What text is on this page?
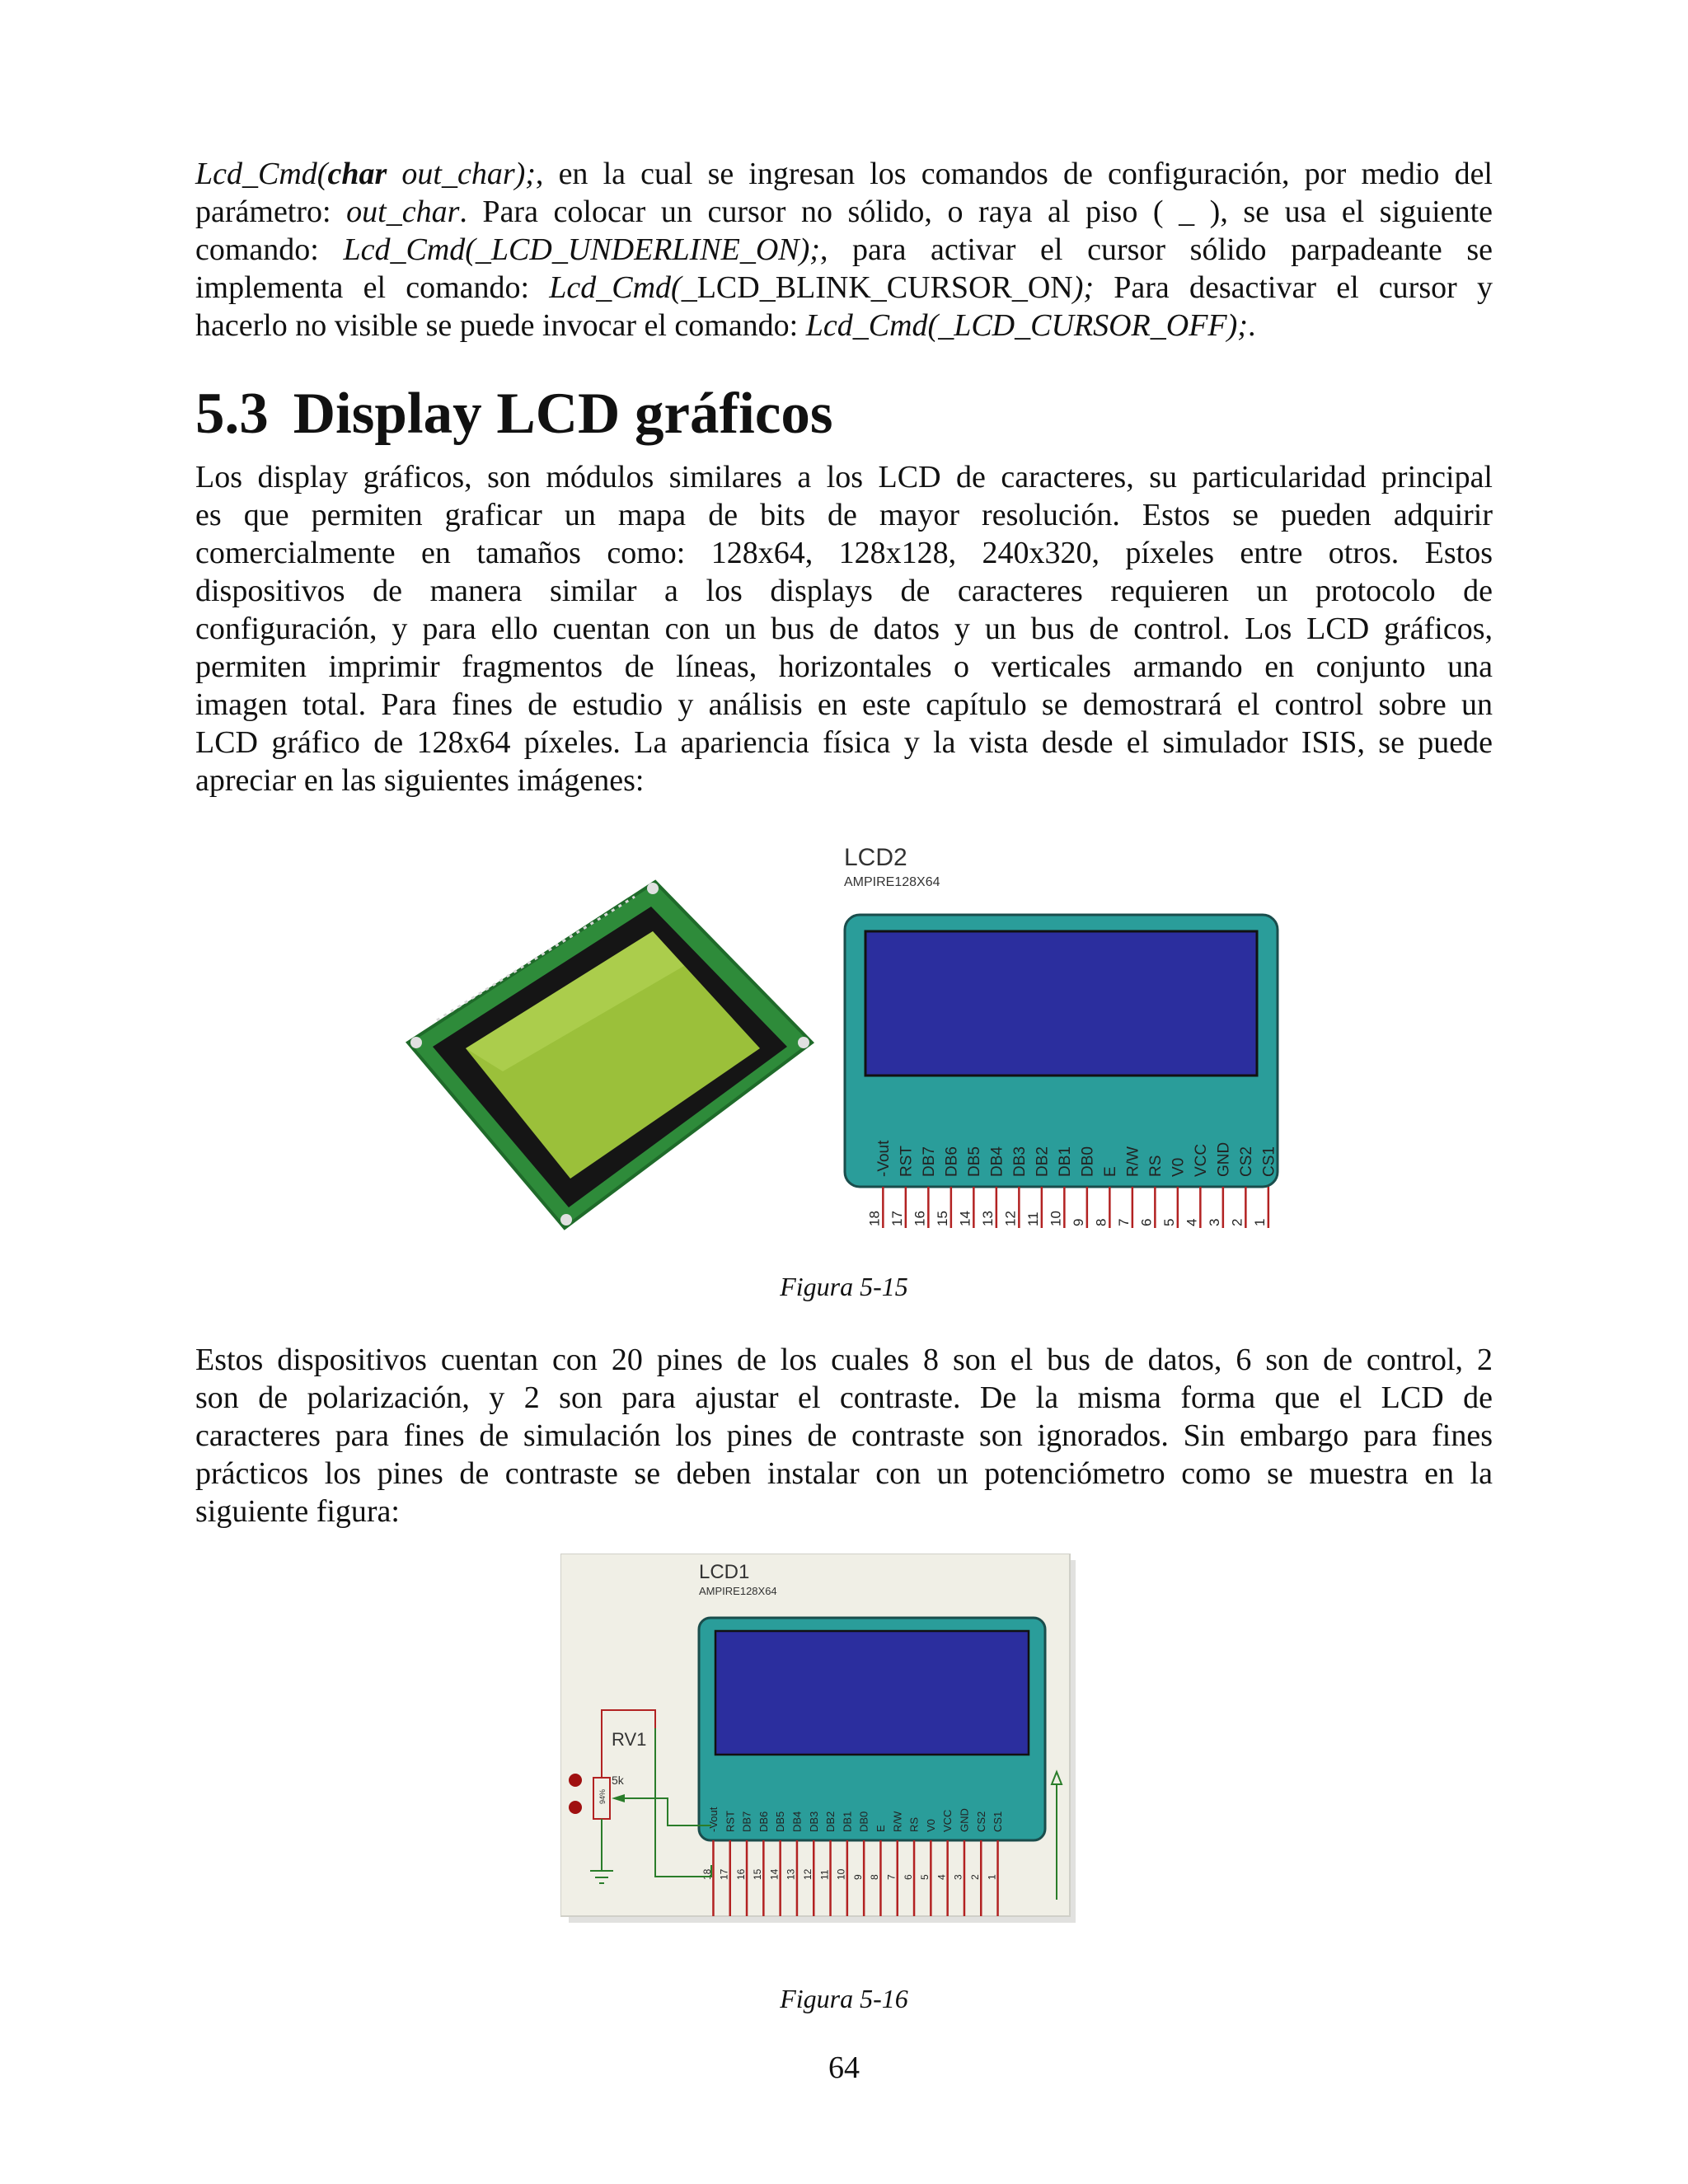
Lcd_Cmd(char out_char);, en la cual se ingresan los comandos de configuración, por medio del
parámetro: out_char. Para colocar un cursor no sólido, o raya al piso ( _ ), se usa el siguiente
comando: Lcd_Cmd(_LCD_UNDERLINE_ON);, para activar el cursor sólido parpadeante se
implementa el comando: Lcd_Cmd(_LCD_BLINK_CURSOR_ON); Para desactivar el cursor y
hacerlo no visible se puede invocar el comando: Lcd_Cmd(_LCD_CURSOR_OFF);.
5.3 Display LCD gráficos
Los display gráficos, son módulos similares a los LCD de caracteres, su particularidad principal
es que permiten graficar un mapa de bits de mayor resolución. Estos se pueden adquirir
comercialmente en tamaños como: 128x64, 128x128, 240x320, píxeles entre otros. Estos
dispositivos de manera similar a los displays de caracteres requieren un protocolo de
configuración, y para ello cuentan con un bus de datos y un bus de control. Los LCD gráficos,
permiten imprimir fragmentos de líneas, horizontales o verticales armando en conjunto una
imagen total. Para fines de estudio y análisis en este capítulo se demostrará el control sobre un
LCD gráfico de 128x64 píxeles. La apariencia física y la vista desde el simulador ISIS, se puede
apreciar en las siguientes imágenes:
LCD2
AMPIRE128X64
-Vout
18
RST
17
DB7
16
DB6
15
DB5
14
DB4
13
DB3
12
DB2
11
DB1
10
DB0
9
E
8
R/W
7
RS
6
V0
5
VCC
4
GND
3
CS2
2
CS1
1
Figura 5-15
Estos dispositivos cuentan con 20 pines de los cuales 8 son el bus de datos, 6 son de control, 2
son de polarización, y 2 son para ajustar el contraste. De la misma forma que el LCD de
caracteres para fines de simulación los pines de contraste son ignorados. Sin embargo para fines
prácticos los pines de contraste se deben instalar con un potenciómetro como se muestra en la
siguiente figura:
LCD1
AMPIRE128X64
-Vout
18
RST
17
DB7
16
DB6
15
DB5
14
DB4
13
DB3
12
DB2
11
DB1
10
DB0
9
E
8
R/W
7
RS
6
V0
5
VCC
4
GND
3
CS2
2
CS1
1
RV1
5k
94%
Figura 5-16
64
